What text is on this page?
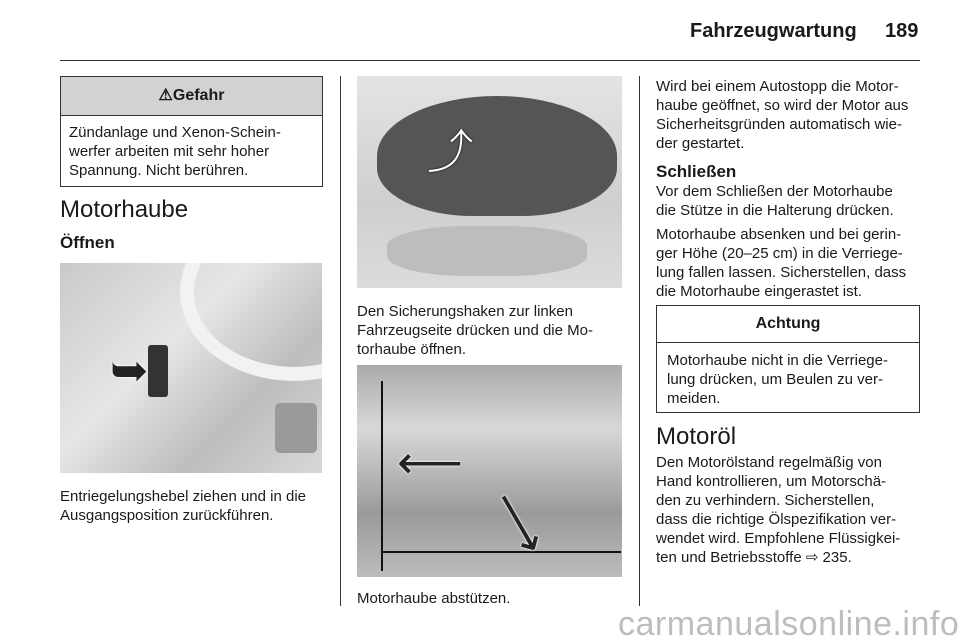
Fahrzeugwartung 189
⚠Gefahr
Zündanlage und Xenon-Schein-
werfer arbeiten mit sehr hoher
Spannung. Nicht berühren.
Motorhaube
Öffnen
➥
Entriegelungshebel ziehen und in die
Ausgangsposition zurückführen.
⤴
Den Sicherungshaken zur linken
Fahrzeugseite drücken und die Mo-
torhaube öffnen.
⟵
⟶
Motorhaube abstützen.
Wird bei einem Autostopp die Motor-
haube geöffnet, so wird der Motor aus
Sicherheitsgründen automatisch wie-
der gestartet.
Schließen
Vor dem Schließen der Motorhaube
die Stütze in die Halterung drücken.
Motorhaube absenken und bei gerin-
ger Höhe (20–25 cm) in die Verriege-
lung fallen lassen. Sicherstellen, dass
die Motorhaube eingerastet ist.
Achtung
Motorhaube nicht in die Verriege-
lung drücken, um Beulen zu ver-
meiden.
Motoröl
Den Motorölstand regelmäßig von
Hand kontrollieren, um Motorschä-
den zu verhindern. Sicherstellen,
dass die richtige Ölspezifikation ver-
wendet wird. Empfohlene Flüssigkei-
ten und Betriebsstoffe ⇨ 235.
carmanualsonline.info
